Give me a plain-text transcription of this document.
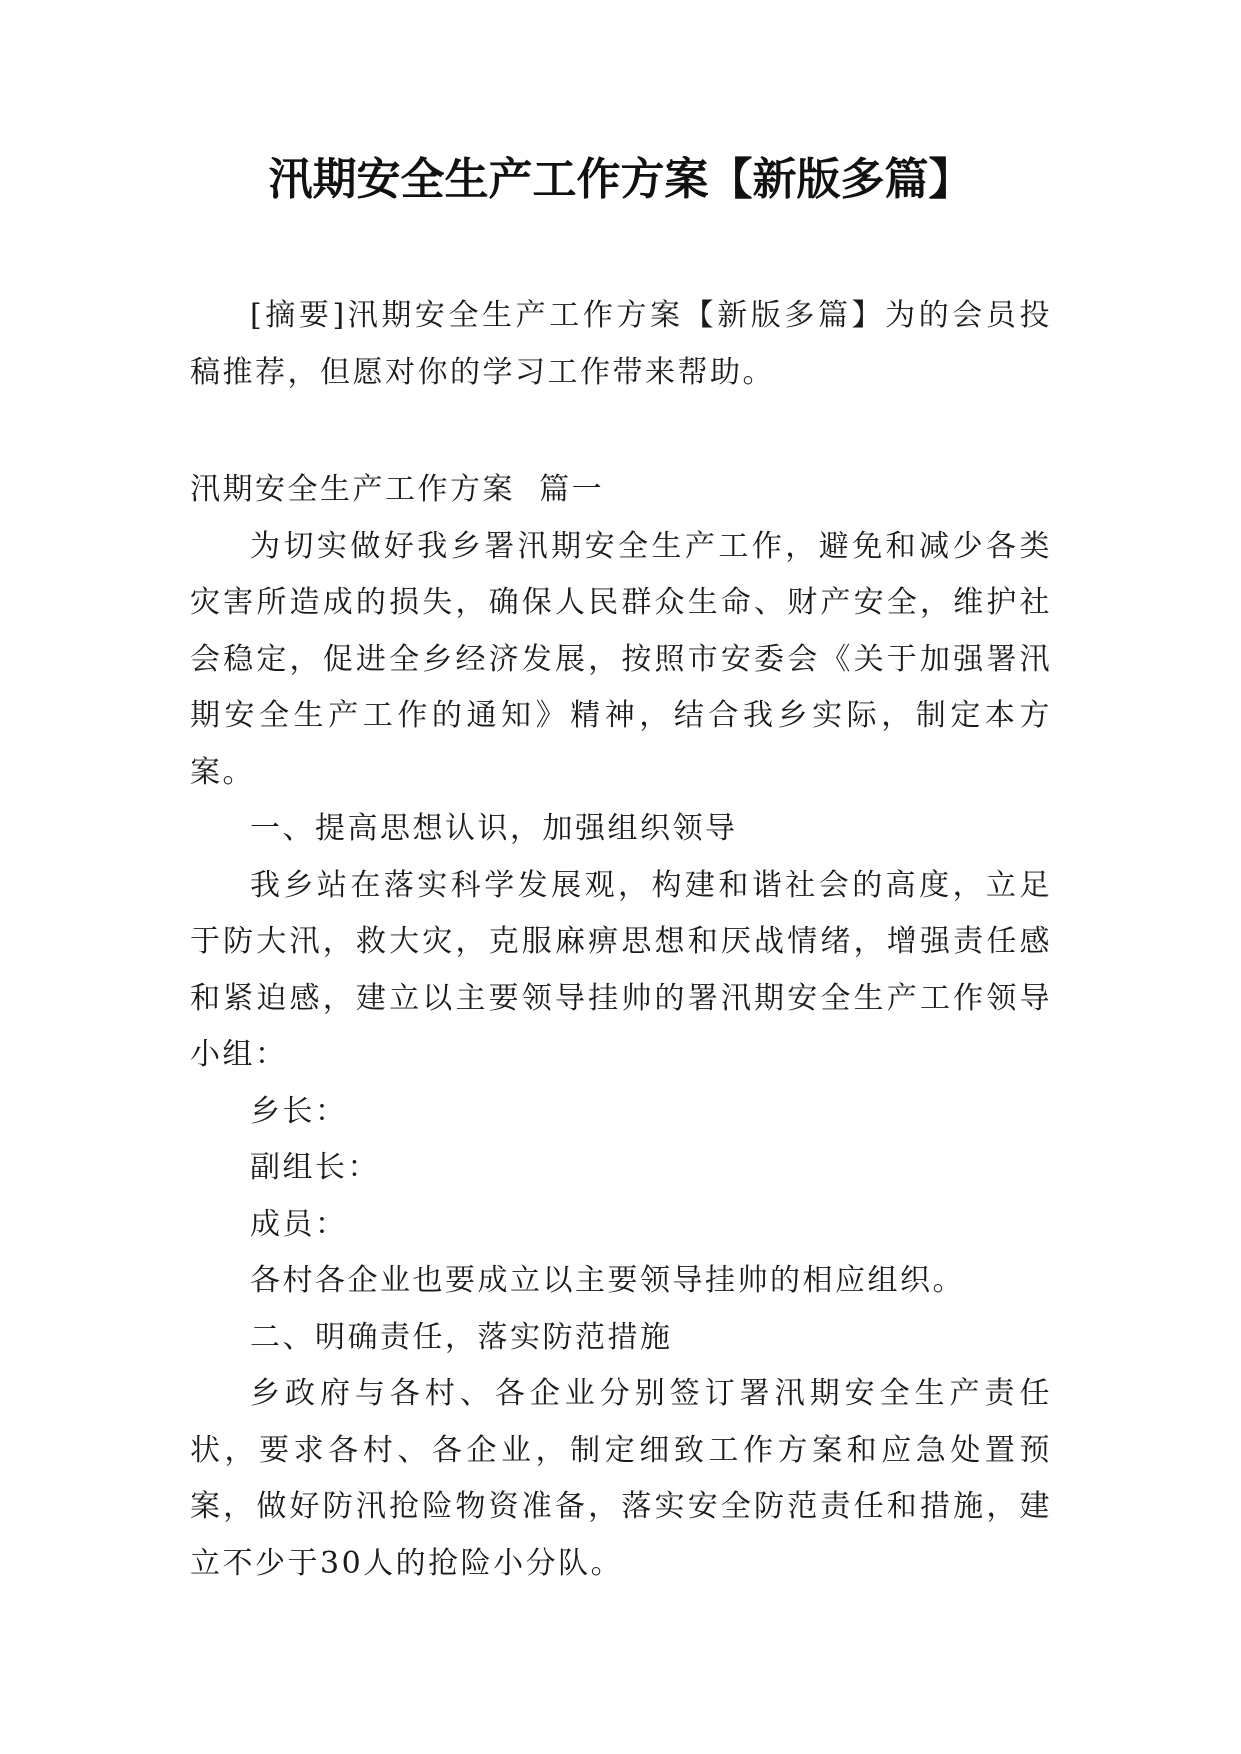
汛期安全生产工作方案【新版多篇】

[摘要]汛期安全生产工作方案【新版多篇】为的会员投稿推荐，但愿对你的学习工作带来帮助。

汛期安全生产工作方案  篇一

为切实做好我乡署汛期安全生产工作，避免和减少各类灾害所造成的损失，确保人民群众生命、财产安全，维护社会稳定，促进全乡经济发展，按照市安委会《关于加强署汛期安全生产工作的通知》精神，结合我乡实际，制定本方案。

一、提高思想认识，加强组织领导

我乡站在落实科学发展观，构建和谐社会的高度，立足于防大汛，救大灾，克服麻痹思想和厌战情绪，增强责任感和紧迫感，建立以主要领导挂帅的署汛期安全生产工作领导小组：

乡长：

副组长：

成员：

各村各企业也要成立以主要领导挂帅的相应组织。

二、明确责任，落实防范措施

乡政府与各村、各企业分别签订署汛期安全生产责任状，要求各村、各企业，制定细致工作方案和应急处置预案，做好防汛抢险物资准备，落实安全防范责任和措施，建立不少于30人的抢险小分队。
